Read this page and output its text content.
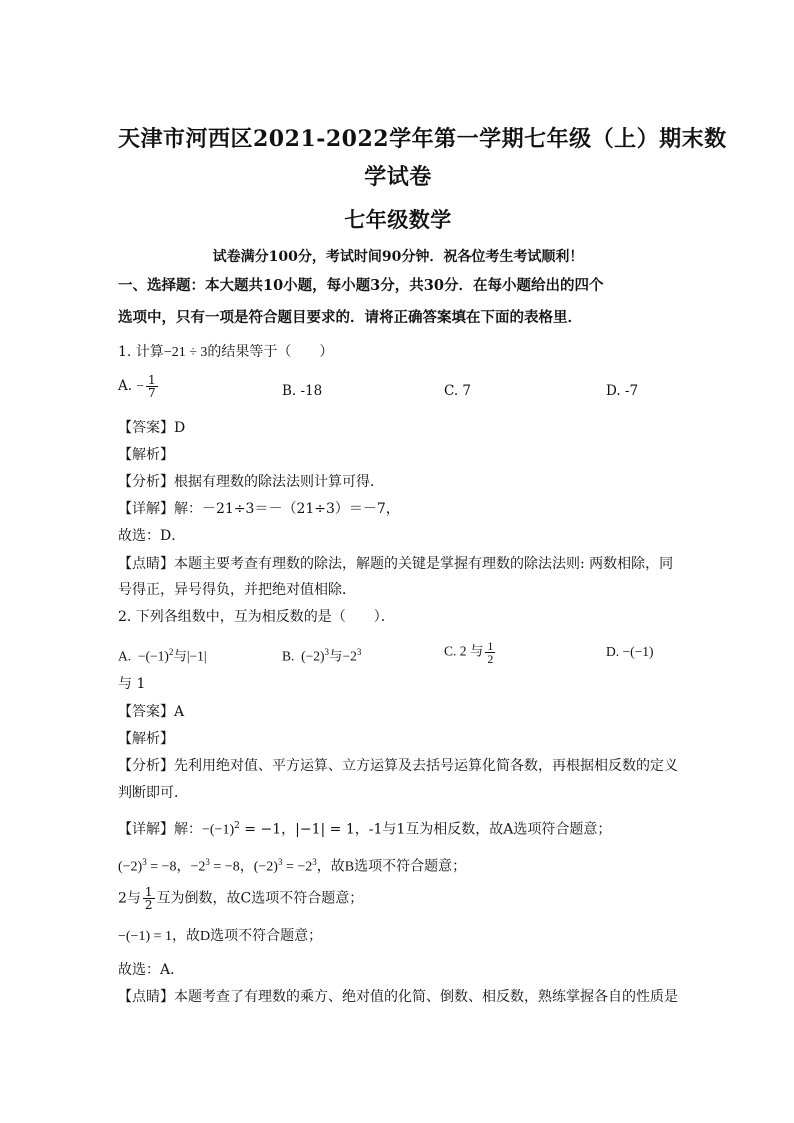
天津市河西区2021-2022学年第一学期七年级（上）期末数
学试卷
七年级数学
试卷满分100分，考试时间90分钟．祝各位考生考试顺利！
一、选择题：本大题共10小题，每小题3分，共30分．在每小题给出的四个
选项中，只有一项是符合题目要求的．请将正确答案填在下面的表格里．
1. 计算−21 ÷ 3的结果等于（　　）
A. − $\frac{1}{7}$	B. -18	C. 7	D. -7
【答案】D
【解析】
【分析】根据有理数的除法法则计算可得．
【详解】解：－21÷3＝－（21÷3）＝－7，
故选：D．
【点睛】本题主要考查有理数的除法，解题的关键是掌握有理数的除法法则: 两数相除，同
号得正，异号得负，并把绝对值相除．
2. 下列各组数中，互为相反数的是（　　）．
A. $-(-1)^2$与|−1|	B. $(-2)^3$与$-2^3$	C. 2 与 $\frac{1}{2}$	D. −(−1)
与 1
【答案】A
【解析】
【分析】先利用绝对值、平方运算、立方运算及去括号运算化简各数，再根据相反数的定义
判断即可．
【详解】解：$-(-1)^2 = -1$，|−1| = 1，-1与1互为相反数，故A选项符合题意；
$(-2)^3 = -8$，$-2^3 = -8$，$(-2)^3 = -2^3$，故B选项不符合题意；
2与 $\frac{1}{2}$ 互为倒数，故C选项不符合题意；
−(−1) = 1，故D选项不符合题意；
故选：A．
【点睛】本题考查了有理数的乘方、绝对值的化简、倒数、相反数，熟练掌握各自的性质是
